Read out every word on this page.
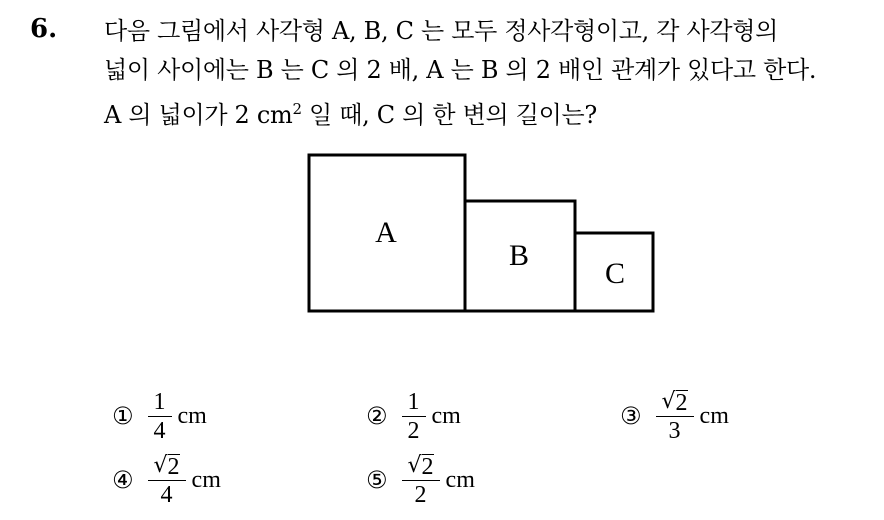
6. 다음 그림에서 사각형 A, B, C 는 모두 정사각형이고, 각 사각형의
넓이 사이에는 B 는 C 의 2 배, A 는 B 의 2 배인 관계가 있다고 한다.
A 의 넓이가 2 $cm^2$ 일 때, C 의 한 변의 길이는?
A
B
C
① $\frac{1}{4}$ cm	② $\frac{1}{2}$ cm	③ $\frac{√ 2}{3}$ cm
④ $\frac{√ 2}{4}$ cm	⑤ $\frac{√ 2}{2}$ cm
